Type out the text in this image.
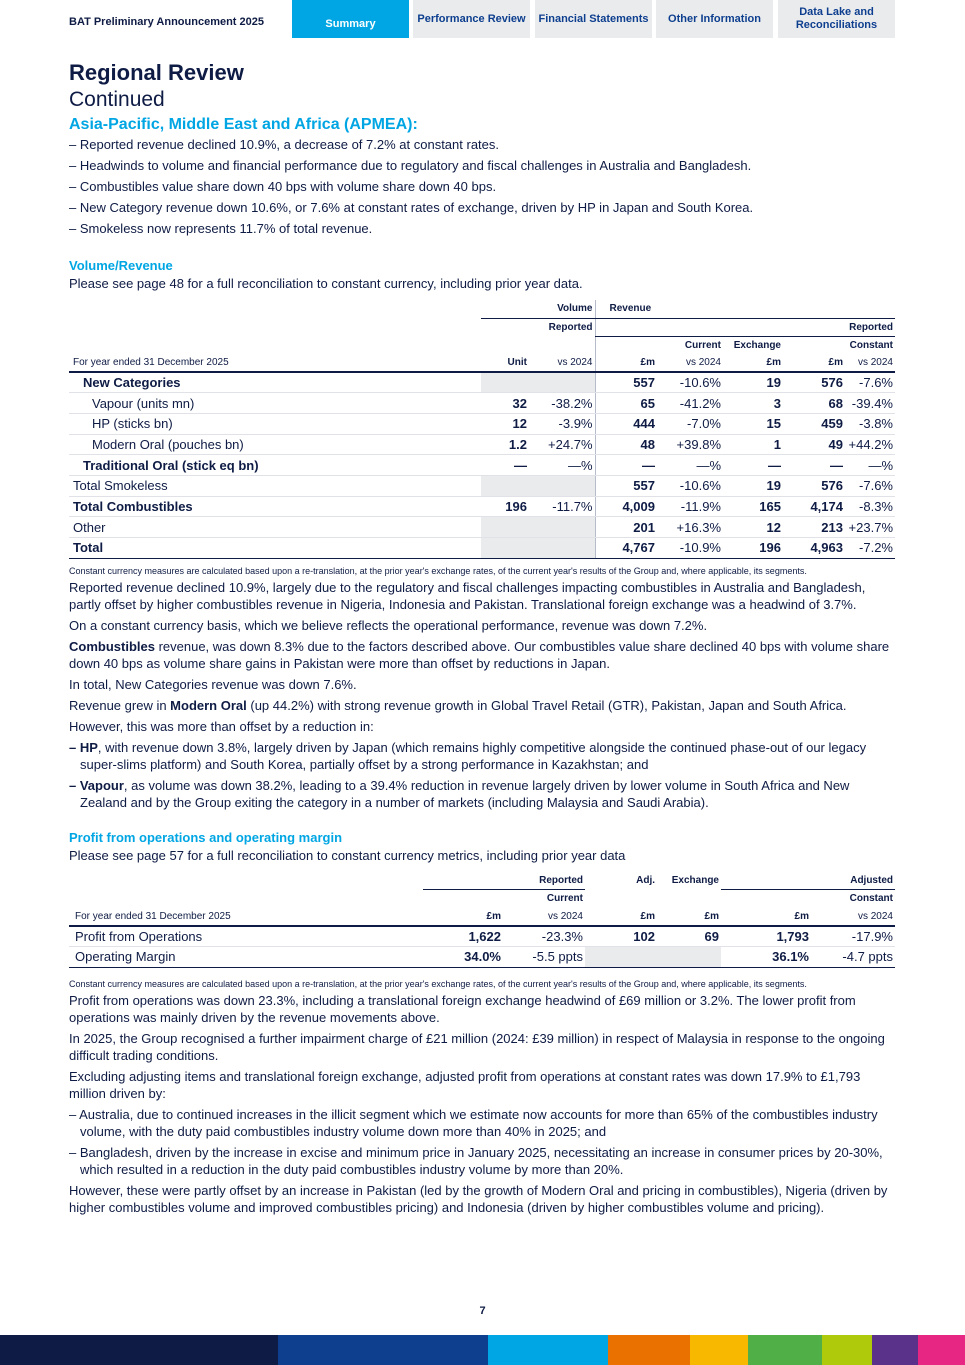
BAT Preliminary Announcement 2025	Summary	Performance Review	Financial Statements	Other Information
Data Lake and Reconciliations
Regional Review
Continued
Asia-Pacific, Middle East and Africa (APMEA):
– Reported revenue declined 10.9%, a decrease of 7.2% at constant rates.
– Headwinds to volume and financial performance due to regulatory and fiscal challenges in Australia and Bangladesh.
– Combustibles value share down 40 bps with volume share down 40 bps.
– New Category revenue down 10.6%, or 7.6% at constant rates of exchange, driven by HP in Japan and South Korea.
– Smokeless now represents 11.7% of total revenue.
Volume/Revenue
Please see page 48 for a full reconciliation to constant currency, including prior year data.
	Volume		Revenue				
	Reported						Reported
				Current	Exchange		Constant
For year ended 31 December 2025	Unit	vs 2024	£m	vs 2024	£m	£m	vs 2024
New Categories			557	-10.6%	19	576	-7.6%
Vapour (units mn)	32	-38.2%	65	-41.2%	3	68	-39.4%
HP (sticks bn)	12	-3.9%	444	-7.0%	15	459	-3.8%
Modern Oral (pouches bn)	1.2	+24.7%	48	+39.8%	1	49	+44.2%
Traditional Oral (stick eq bn)	—	—%	—	—%	—	—	—%
Total Smokeless			557	-10.6%	19	576	-7.6%
Total Combustibles	196	-11.7%	4,009	-11.9%	165	4,174	-8.3%
Other			201	+16.3%	12	213	+23.7%
Total			4,767	-10.9%	196	4,963	-7.2%
Constant currency measures are calculated based upon a re-translation, at the prior year's exchange rates, of the current year's results of the Group and, where applicable, its segments.
Reported revenue declined 10.9%, largely due to the regulatory and fiscal challenges impacting combustibles in Australia and Bangladesh, partly offset by higher combustibles revenue in Nigeria, Indonesia and Pakistan. Translational foreign exchange was a headwind of 3.7%.
On a constant currency basis, which we believe reflects the operational performance, revenue was down 7.2%.
Combustibles revenue, was down 8.3% due to the factors described above. Our combustibles value share declined 40 bps with volume share down 40 bps as volume share gains in Pakistan were more than offset by reductions in Japan.
In total, New Categories revenue was down 7.6%.
Revenue grew in Modern Oral (up 44.2%) with strong revenue growth in Global Travel Retail (GTR), Pakistan, Japan and South Africa.
However, this was more than offset by a reduction in:
– HP, with revenue down 3.8%, largely driven by Japan (which remains highly competitive alongside the continued phase-out of our legacy super-slims platform) and South Korea, partially offset by a strong performance in Kazakhstan; and
– Vapour, as volume was down 38.2%, leading to a 39.4% reduction in revenue largely driven by lower volume in South Africa and New Zealand and by the Group exiting the category in a number of markets (including Malaysia and Saudi Arabia).
Profit from operations and operating margin
Please see page 57 for a full reconciliation to constant currency metrics, including prior year data
	Reported		Adj.	Exchange		Adjusted
		Current				Constant
For year ended 31 December 2025	£m	vs 2024	£m	£m	£m	vs 2024
Profit from Operations	1,622	-23.3%	102	69	1,793	-17.9%
Operating Margin	34.0%	-5.5 ppts			36.1%	-4.7 ppts
Constant currency measures are calculated based upon a re-translation, at the prior year's exchange rates, of the current year's results of the Group and, where applicable, its segments.
Profit from operations was down 23.3%, including a translational foreign exchange headwind of £69 million or 3.2%. The lower profit from operations was mainly driven by the revenue movements above.
In 2025, the Group recognised a further impairment charge of £21 million (2024: £39 million) in respect of Malaysia in response to the ongoing difficult trading conditions.
Excluding adjusting items and translational foreign exchange, adjusted profit from operations at constant rates was down 17.9% to £1,793 million driven by:
– Australia, due to continued increases in the illicit segment which we estimate now accounts for more than 65% of the combustibles industry volume, with the duty paid combustibles industry volume down more than 40% in 2025; and
– Bangladesh, driven by the increase in excise and minimum price in January 2025, necessitating an increase in consumer prices by 20-30%, which resulted in a reduction in the duty paid combustibles industry volume by more than 20%.
However, these were partly offset by an increase in Pakistan (led by the growth of Modern Oral and pricing in combustibles), Nigeria (driven by higher combustibles volume and improved combustibles pricing) and Indonesia (driven by higher combustibles volume and pricing).
7
